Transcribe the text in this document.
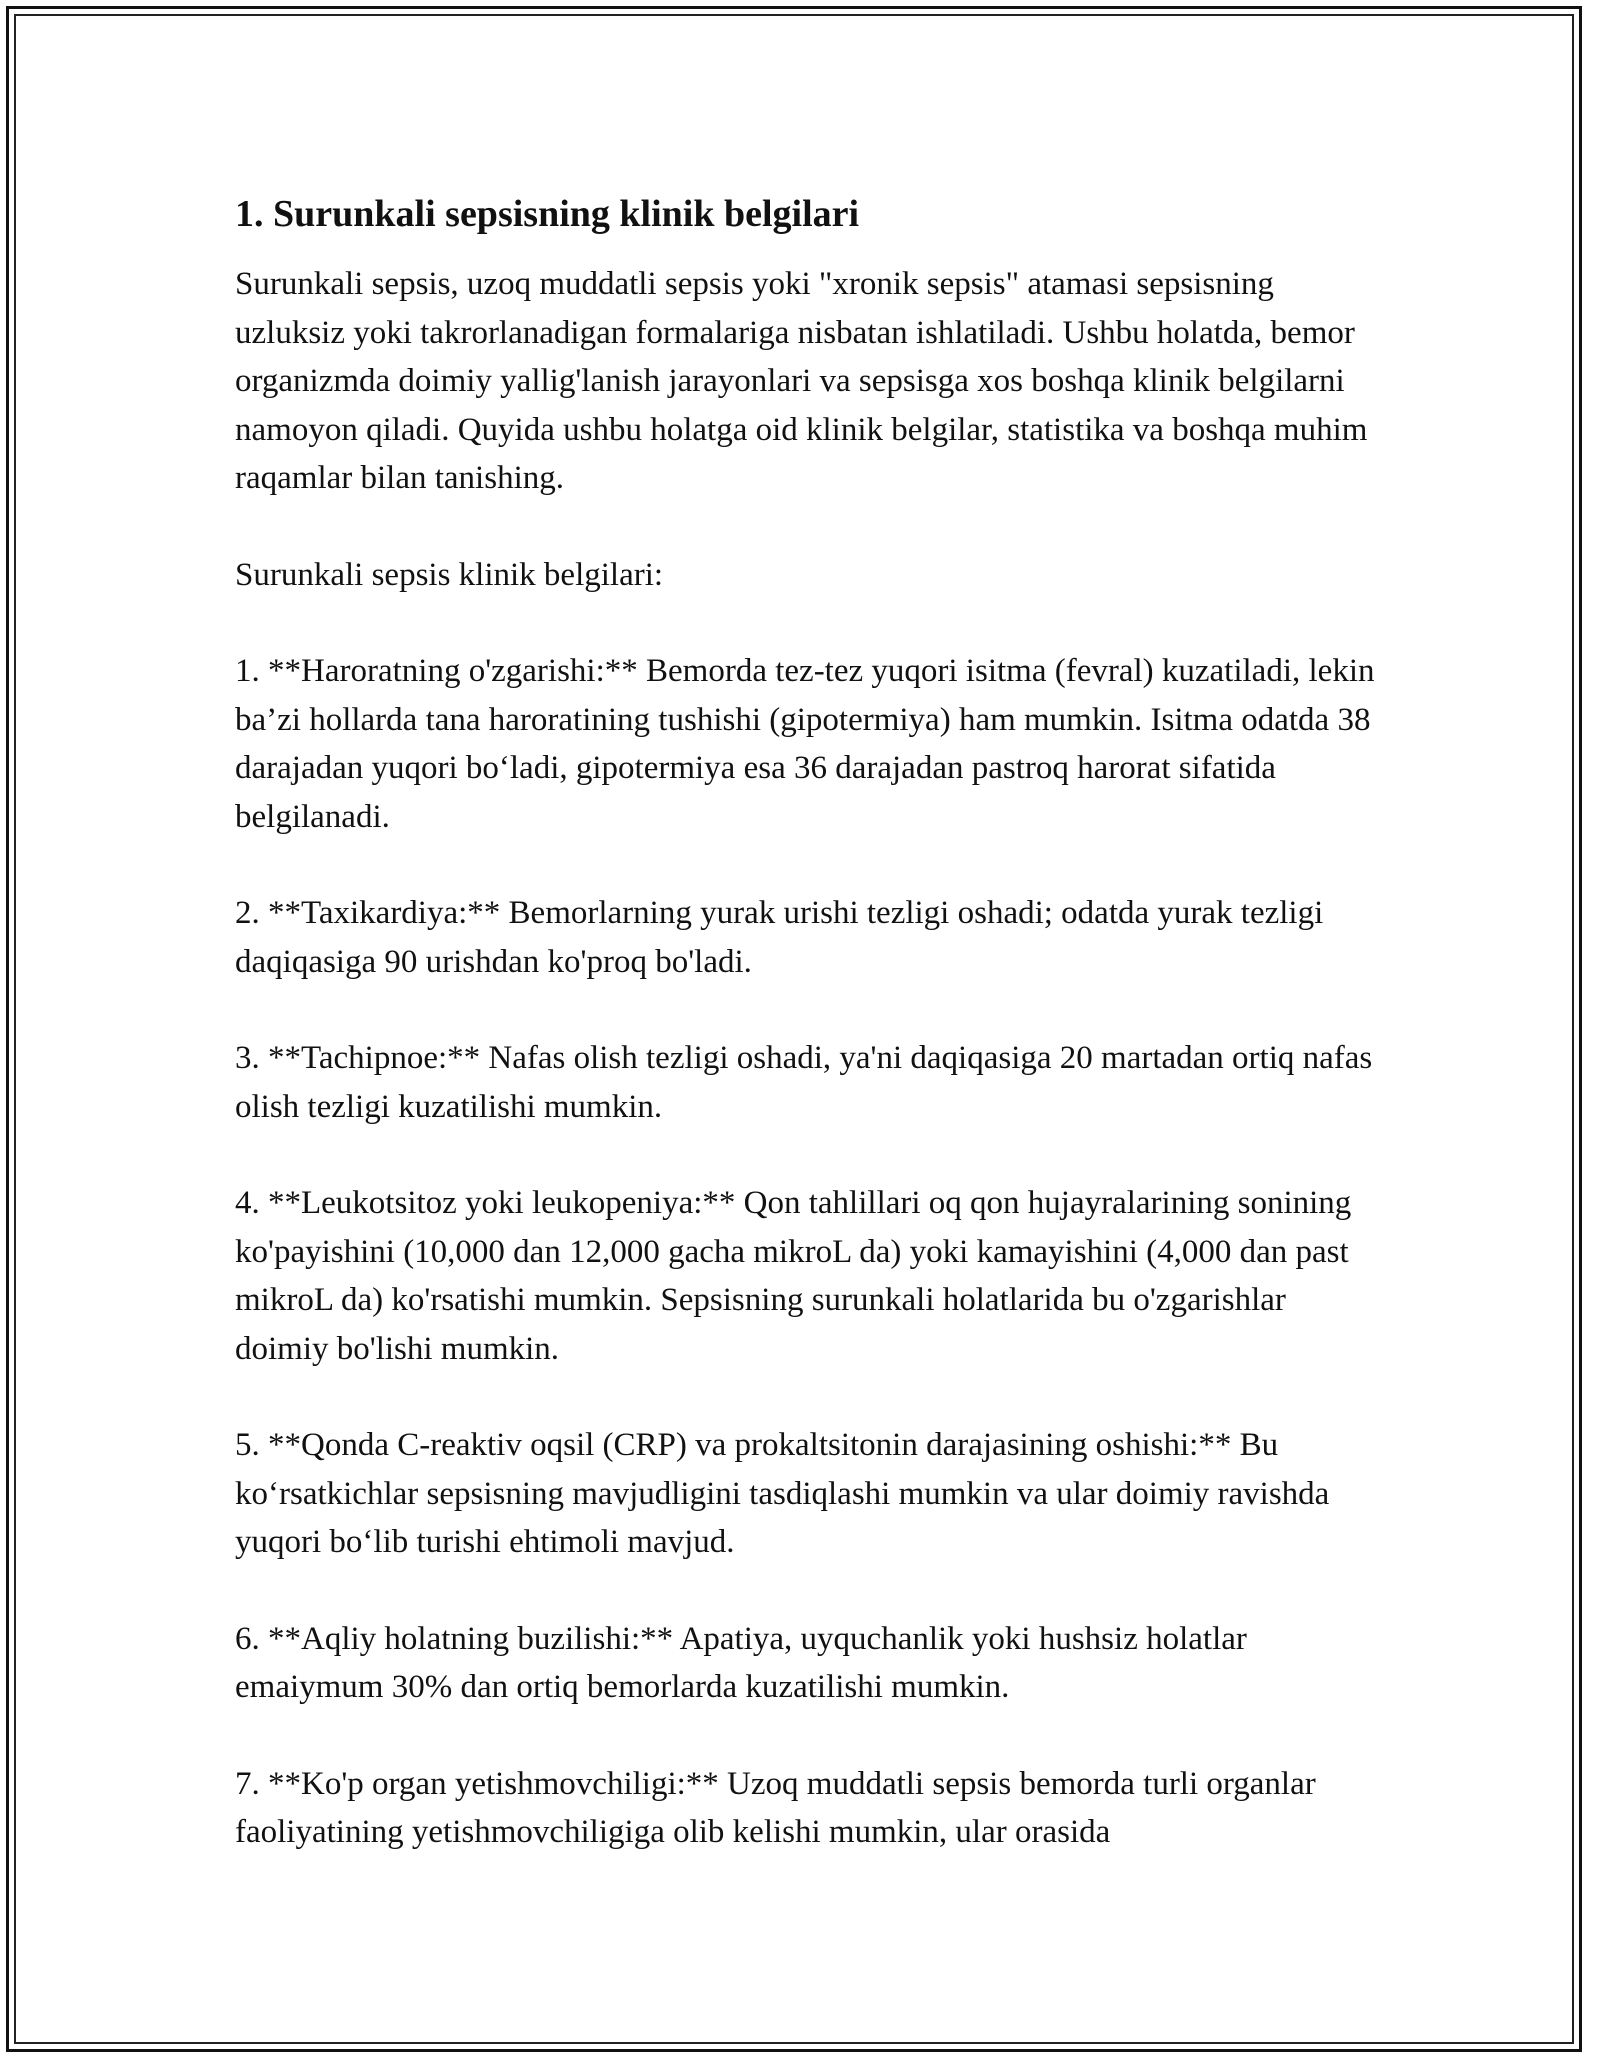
1. Surunkali sepsisning klinik belgilari

Surunkali sepsis, uzoq muddatli sepsis yoki "xronik sepsis" atamasi sepsisning uzluksiz yoki takrorlanadigan formalariga nisbatan ishlatiladi. Ushbu holatda, bemor organizmda doimiy yallig'lanish jarayonlari va sepsisga xos boshqa klinik belgilarni namoyon qiladi. Quyida ushbu holatga oid klinik belgilar, statistika va boshqa muhim raqamlar bilan tanishing.

Surunkali sepsis klinik belgilari:

1. **Haroratning o'zgarishi:** Bemorda tez-tez yuqori isitma (fevral) kuzatiladi, lekin ba’zi hollarda tana haroratining tushishi (gipotermiya) ham mumkin. Isitma odatda 38 darajadan yuqori bo‘ladi, gipotermiya esa 36 darajadan pastroq harorat sifatida belgilanadi.

2. **Taxikardiya:** Bemorlarning yurak urishi tezligi oshadi; odatda yurak tezligi daqiqasiga 90 urishdan ko'proq bo'ladi.

3. **Tachipnoe:** Nafas olish tezligi oshadi, ya'ni daqiqasiga 20 martadan ortiq nafas olish tezligi kuzatilishi mumkin.

4. **Leukotsitoz yoki leukopeniya:** Qon tahlillari oq qon hujayralarining sonining ko'payishini (10,000 dan 12,000 gacha mikroL da) yoki kamayishini (4,000 dan past mikroL da) ko'rsatishi mumkin. Sepsisning surunkali holatlarida bu o'zgarishlar doimiy bo'lishi mumkin.

5. **Qonda C-reaktiv oqsil (CRP) va prokaltsitonin darajasining oshishi:** Bu ko‘rsatkichlar sepsisning mavjudligini tasdiqlashi mumkin va ular doimiy ravishda yuqori bo‘lib turishi ehtimoli mavjud.

6. **Aqliy holatning buzilishi:** Apatiya, uyquchanlik yoki hushsiz holatlar emaiymum 30% dan ortiq bemorlarda kuzatilishi mumkin.

7. **Ko'p organ yetishmovchiligi:** Uzoq muddatli sepsis bemorda turli organlar faoliyatining yetishmovchiligiga olib kelishi mumkin, ular orasida
